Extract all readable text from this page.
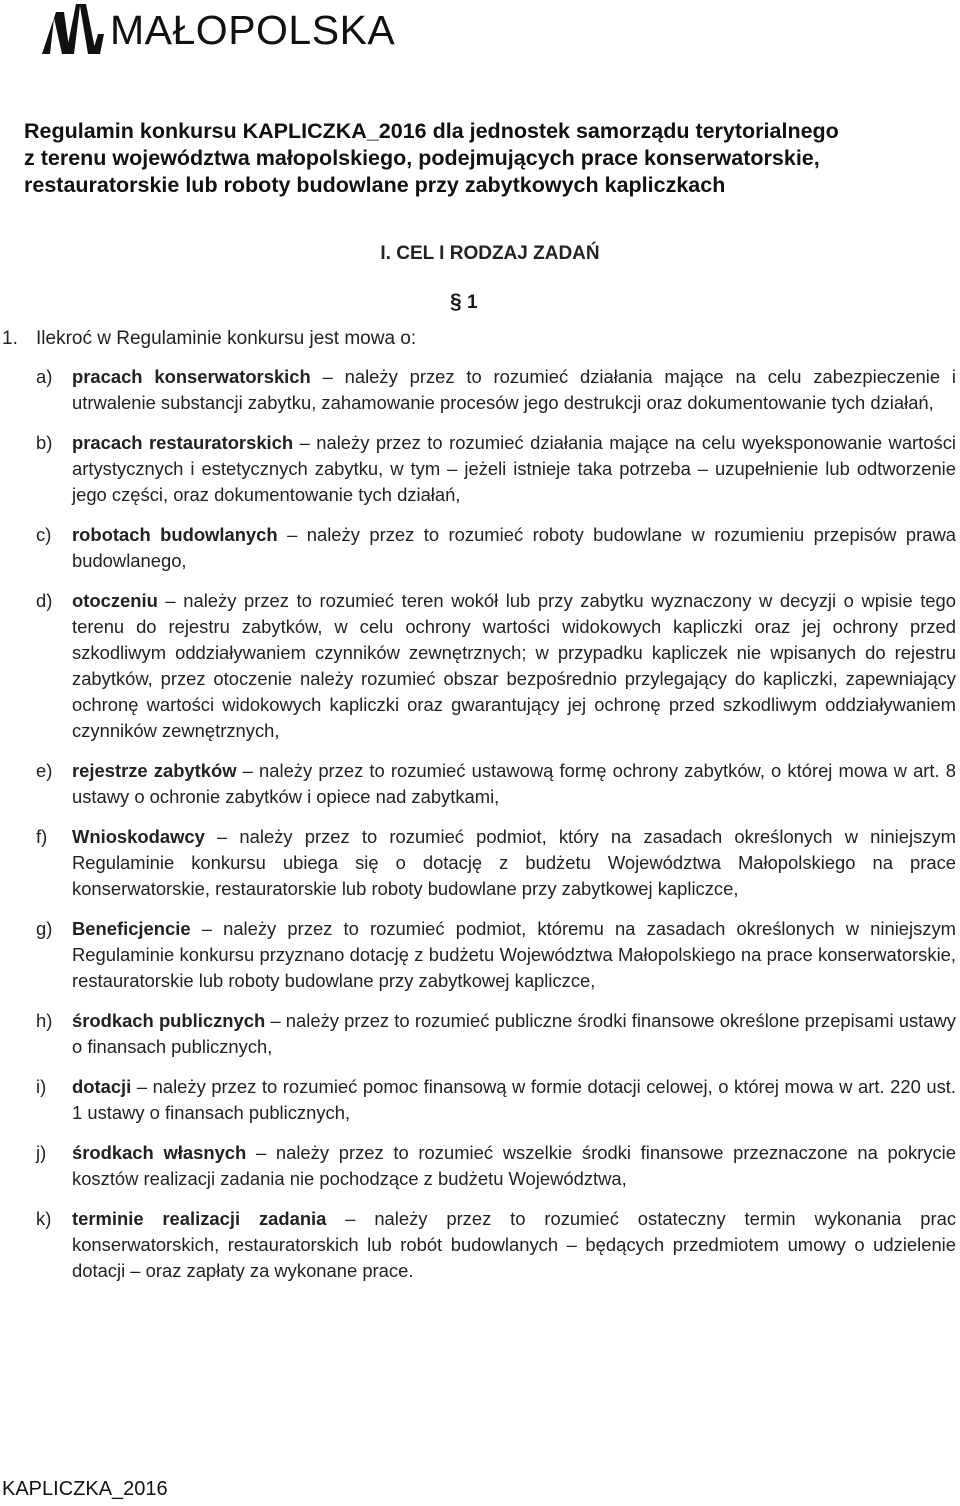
MAŁOPOLSKA
Regulamin konkursu KAPLICZKA_2016 dla jednostek samorządu terytorialnego
z terenu województwa małopolskiego, podejmujących prace konserwatorskie,
restauratorskie lub roboty budowlane przy zabytkowych kapliczkach
I. CEL I RODZAJ ZADAŃ
§ 1
1. Ilekroć w Regulaminie konkursu jest mowa o:
a)	pracach konserwatorskich – należy przez to rozumieć działania mające na celu zabezpieczenie i utrwalenie substancji zabytku, zahamowanie procesów jego destrukcji oraz dokumentowanie tych działań,
b)	pracach restauratorskich – należy przez to rozumieć działania mające na celu wyeksponowanie wartości artystycznych i estetycznych zabytku, w tym – jeżeli istnieje taka potrzeba – uzupełnienie lub odtworzenie jego części, oraz dokumentowanie tych działań,
c)	robotach budowlanych – należy przez to rozumieć roboty budowlane w rozumieniu przepisów prawa budowlanego,
d)	otoczeniu – należy przez to rozumieć teren wokół lub przy zabytku wyznaczony w decyzji o wpisie tego terenu do rejestru zabytków, w celu ochrony wartości widokowych kapliczki oraz jej ochrony przed szkodliwym oddziaływaniem czynników zewnętrznych; w przypadku kapliczek nie wpisanych do rejestru zabytków, przez otoczenie należy rozumieć obszar bezpośrednio przylegający do kapliczki, zapewniający ochronę wartości widokowych kapliczki oraz gwarantujący jej ochronę przed szkodliwym oddziaływaniem czynników zewnętrznych,
e)	rejestrze zabytków – należy przez to rozumieć ustawową formę ochrony zabytków, o której mowa w art. 8 ustawy o ochronie zabytków i opiece nad zabytkami,
f)	Wnioskodawcy – należy przez to rozumieć podmiot, który na zasadach określonych w niniejszym Regulaminie konkursu ubiega się o dotację z budżetu Województwa Małopolskiego na prace konserwatorskie, restauratorskie lub roboty budowlane przy zabytkowej kapliczce,
g)	Beneficjencie – należy przez to rozumieć podmiot, któremu na zasadach określonych w niniejszym Regulaminie konkursu przyznano dotację z budżetu Województwa Małopolskiego na prace konserwatorskie, restauratorskie lub roboty budowlane przy zabytkowej kapliczce,
h)	środkach publicznych – należy przez to rozumieć publiczne środki finansowe określone przepisami ustawy o finansach publicznych,
i)	dotacji – należy przez to rozumieć pomoc finansową w formie dotacji celowej, o której mowa w art. 220 ust. 1 ustawy o finansach publicznych,
j)	środkach własnych – należy przez to rozumieć wszelkie środki finansowe przeznaczone na pokrycie kosztów realizacji zadania nie pochodzące z budżetu Województwa,
k)	terminie realizacji zadania – należy przez to rozumieć ostateczny termin wykonania prac konserwatorskich, restauratorskich lub robót budowlanych – będących przedmiotem umowy o udzielenie dotacji – oraz zapłaty za wykonane prace.
KAPLICZKA_2016
